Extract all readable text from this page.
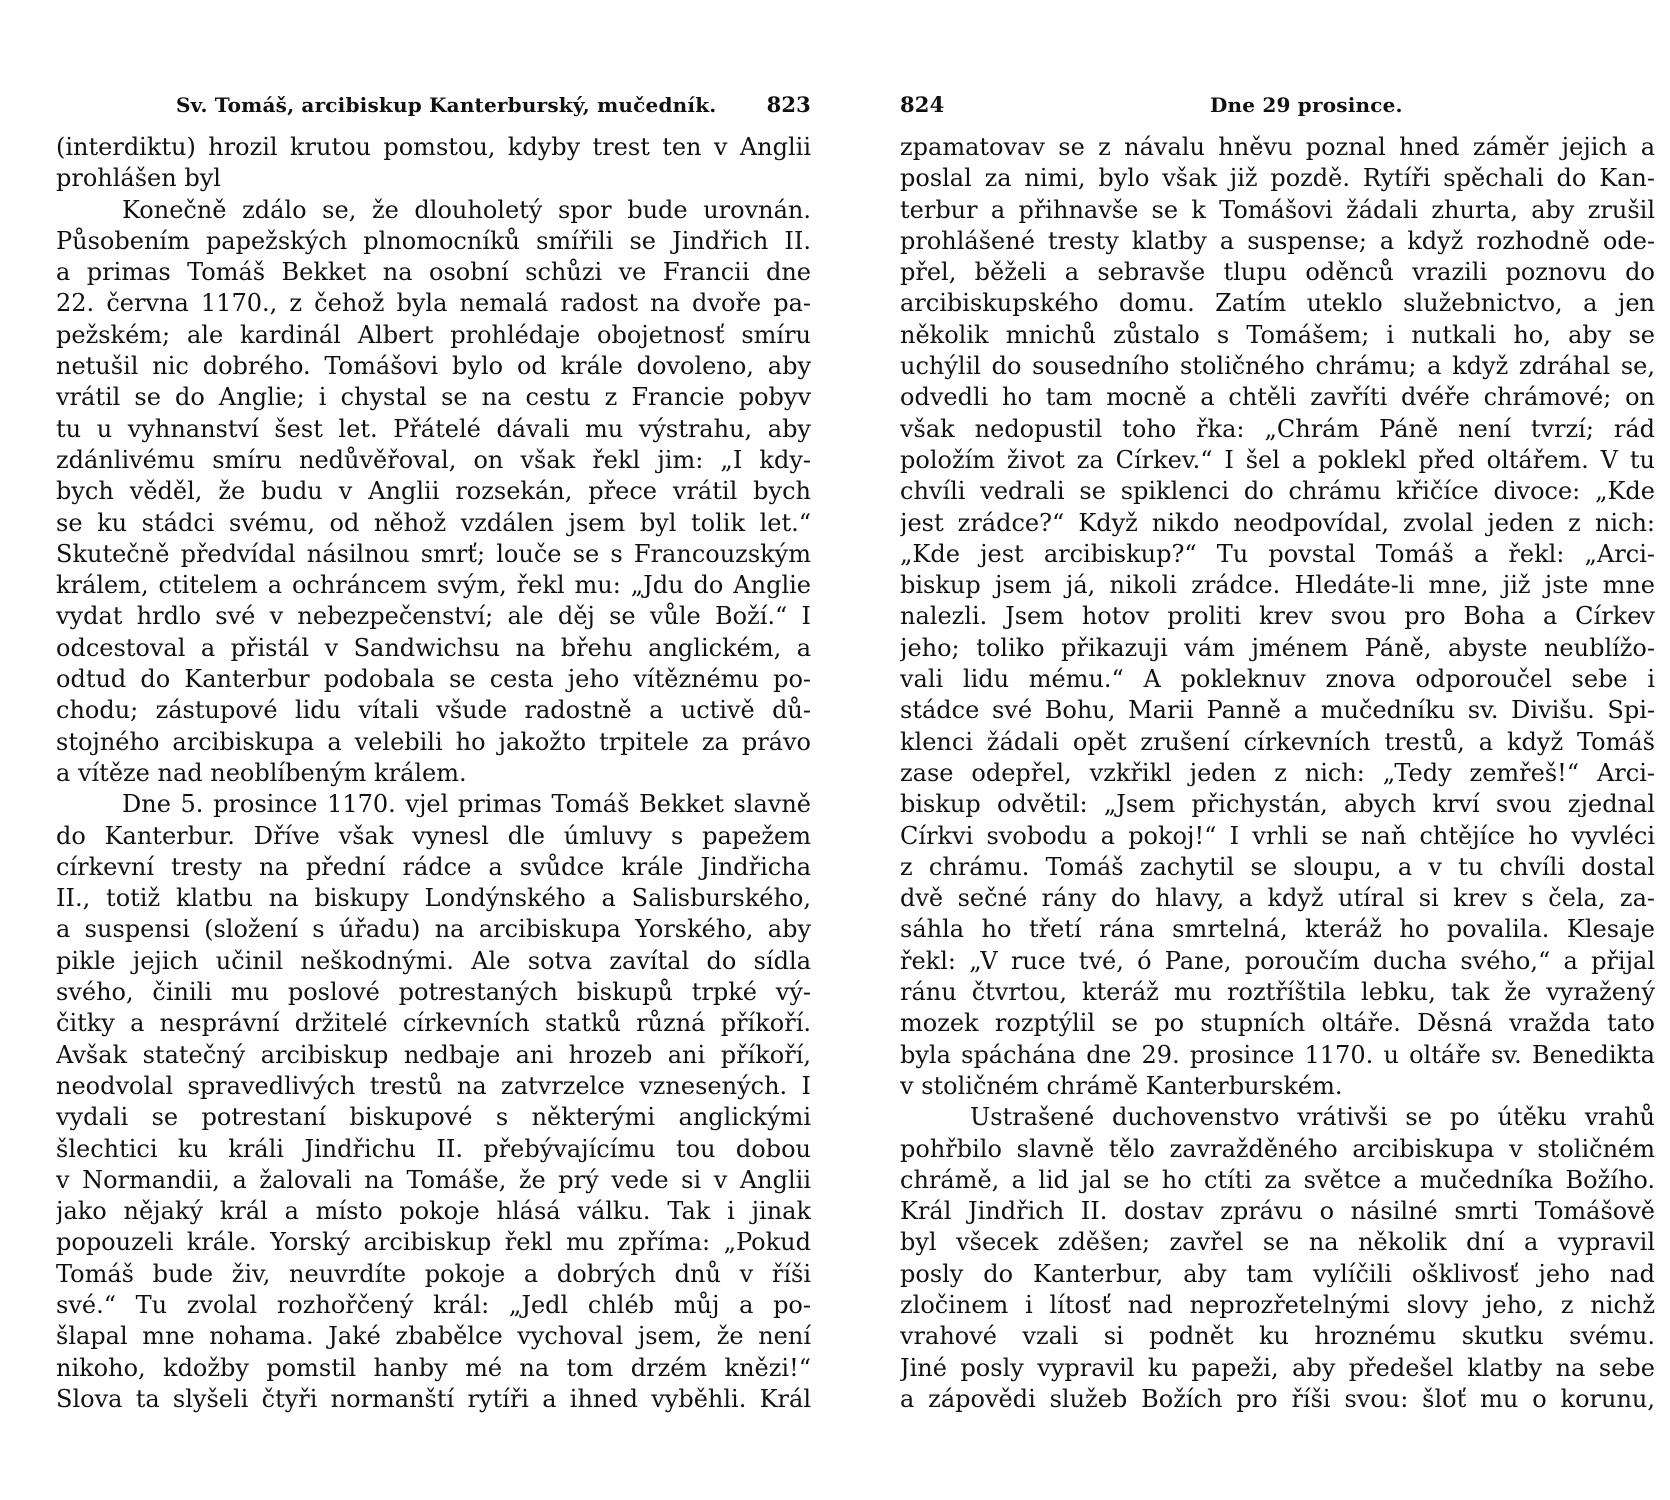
Sv. Tomáš, arcibiskup Kanterburský, mučedník. 823
(interdiktu) hrozil krutou pomstou, kdyby trest ten v Anglii
prohlášen byl
Konečně zdálo se, že dlouholetý spor bude urovnán.
Působením papežských plnomocníků smířili se Jindřich II.
a primas Tomáš Bekket na osobní schůzi ve Francii dne
22. června 1170., z čehož byla nemalá radost na dvoře pa-
pežském; ale kardinál Albert prohlédaje obojetnosť smíru
netušil nic dobrého. Tomášovi bylo od krále dovoleno, aby
vrátil se do Anglie; i chystal se na cestu z Francie pobyv
tu u vyhnanství šest let. Přátelé dávali mu výstrahu, aby
zdánlivému smíru nedůvěřoval, on však řekl jim: „I kdy-
bych věděl, že budu v Anglii rozsekán, přece vrátil bych
se ku stádci svému, od něhož vzdálen jsem byl tolik let.“
Skutečně předvídal násilnou smrť; louče se s Francouzským
králem, ctitelem a ochráncem svým, řekl mu: „Jdu do Anglie
vydat hrdlo své v nebezpečenství; ale děj se vůle Boží.“ I
odcestoval a přistál v Sandwichsu na břehu anglickém, a
odtud do Kanterbur podobala se cesta jeho vítěznému po-
chodu; zástupové lidu vítali všude radostně a uctivě dů-
stojného arcibiskupa a velebili ho jakožto trpitele za právo
a vítěze nad neoblíbeným králem.
Dne 5. prosince 1170. vjel primas Tomáš Bekket slavně
do Kanterbur. Dříve však vynesl dle úmluvy s papežem
církevní tresty na přední rádce a svůdce krále Jindřicha
II., totiž klatbu na biskupy Londýnského a Salisburského,
a suspensi (složení s úřadu) na arcibiskupa Yorského, aby
pikle jejich učinil neškodnými. Ale sotva zavítal do sídla
svého, činili mu poslové potrestaných biskupů trpké vý-
čitky a nesprávní držitelé církevních statků různá příkoří.
Avšak statečný arcibiskup nedbaje ani hrozeb ani příkoří,
neodvolal spravedlivých trestů na zatvrzelce vznesených. I
vydali se potrestaní biskupové s některými anglickými
šlechtici ku králi Jindřichu II. přebývajícímu tou dobou
v Normandii, a žalovali na Tomáše, že prý vede si v Anglii
jako nějaký král a místo pokoje hlásá válku. Tak i jinak
popouzeli krále. Yorský arcibiskup řekl mu zpříma: „Pokud
Tomáš bude živ, neuvrdíte pokoje a dobrých dnů v říši
své.“ Tu zvolal rozhořčený král: „Jedl chléb můj a po-
šlapal mne nohama. Jaké zbabělce vychoval jsem, že není
nikoho, kdožby pomstil hanby mé na tom drzém knězi!“
Slova ta slyšeli čtyři normanští rytíři a ihned vyběhli. Král
824	Dne 29 prosince.
zpamatovav se z návalu hněvu poznal hned záměr jejich a
poslal za nimi, bylo však již pozdě. Rytíři spěchali do Kan-
terbur a přihnavše se k Tomášovi žádali zhurta, aby zrušil
prohlášené tresty klatby a suspense; a když rozhodně ode-
přel, běželi a sebravše tlupu oděnců vrazili poznovu do
arcibiskupského domu. Zatím uteklo služebnictvo, a jen
několik mnichů zůstalo s Tomášem; i nutkali ho, aby se
uchýlil do sousedního stoličného chrámu; a když zdráhal se,
odvedli ho tam mocně a chtěli zavříti dvéře chrámové; on
však nedopustil toho řka: „Chrám Páně není tvrzí; rád
položím život za Církev.“ I šel a poklekl před oltářem. V tu
chvíli vedrali se spiklenci do chrámu křičíce divoce: „Kde
jest zrádce?“ Když nikdo neodpovídal, zvolal jeden z nich:
„Kde jest arcibiskup?“ Tu povstal Tomáš a řekl: „Arci-
biskup jsem já, nikoli zrádce. Hledáte-li mne, již jste mne
nalezli. Jsem hotov proliti krev svou pro Boha a Církev
jeho; toliko přikazuji vám jménem Páně, abyste neublížo-
vali lidu mému.“ A pokleknuv znova odporoučel sebe i
stádce své Bohu, Marii Panně a mučedníku sv. Divišu. Spi-
klenci žádali opět zrušení církevních trestů, a když Tomáš
zase odepřel, vzkřikl jeden z nich: „Tedy zemřeš!“ Arci-
biskup odvětil: „Jsem přichystán, abych krví svou zjednal
Církvi svobodu a pokoj!“ I vrhli se naň chtějíce ho vyvléci
z chrámu. Tomáš zachytil se sloupu, a v tu chvíli dostal
dvě sečné rány do hlavy, a když utíral si krev s čela, za-
sáhla ho třetí rána smrtelná, kteráž ho povalila. Klesaje
řekl: „V ruce tvé, ó Pane, poroučím ducha svého,“ a přijal
ránu čtvrtou, kteráž mu roztříštila lebku, tak že vyražený
mozek rozptýlil se po stupních oltáře. Děsná vražda tato
byla spáchána dne 29. prosince 1170. u oltáře sv. Benedikta
v stoličném chrámě Kanterburském.
Ustrašené duchovenstvo vrátivši se po útěku vrahů
pohřbilo slavně tělo zavražděného arcibiskupa v stoličném
chrámě, a lid jal se ho ctíti za světce a mučedníka Božího.
Král Jindřich II. dostav zprávu o násilné smrti Tomášově
byl všecek zděšen; zavřel se na několik dní a vypravil
posly do Kanterbur, aby tam vylíčili ošklivosť jeho nad
zločinem i lítosť nad neprozřetelnými slovy jeho, z nichž
vrahové vzali si podnět ku hroznému skutku svému.
Jiné posly vypravil ku papeži, aby předešel klatby na sebe
a zápovědi služeb Božích pro říši svou: šloť mu o korunu,
